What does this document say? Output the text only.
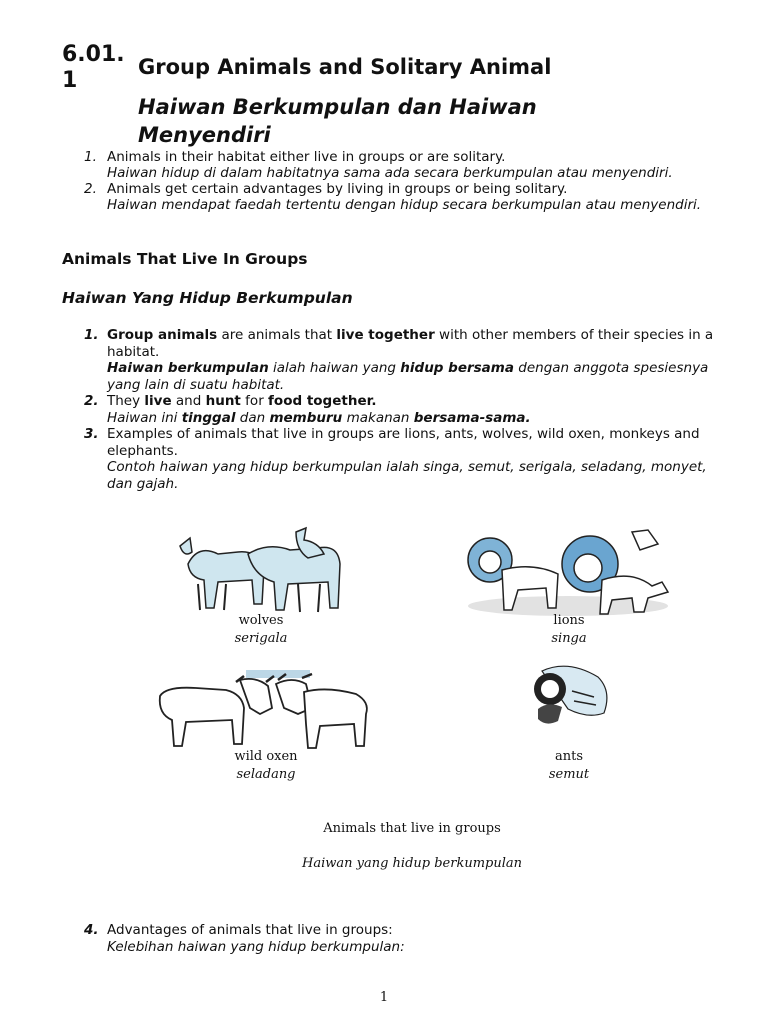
6.01.
1
Group Animals and Solitary Animal
Haiwan Berkumpulan dan Haiwan Menyendiri
1. Animals in their habitat either live in groups or are solitary.
Haiwan hidup di dalam habitatnya sama ada secara berkumpulan atau menyendiri.
2. Animals get certain advantages by living in groups or being solitary.
Haiwan mendapat faedah tertentu dengan hidup secara berkumpulan atau menyendiri.
Animals That Live In Groups
Haiwan Yang Hidup Berkumpulan
1. Group animals are animals that live together with other members of their species in a habitat.
Haiwan berkumpulan ialah haiwan yang hidup bersama dengan anggota spesiesnya yang lain di suatu habitat.
2. They live and hunt for food together.
Haiwan ini tinggal dan memburu makanan bersama-sama.
3. Examples of animals that live in groups are lions, ants, wolves, wild oxen, monkeys and elephants.
Contoh haiwan yang hidup berkumpulan ialah singa, semut, serigala, seladang, monyet, dan gajah.
wolves
serigala
lions
singa
wild oxen
seladang
ants
semut
Animals that live in groups
Haiwan yang hidup berkumpulan
4. Advantages of animals that live in groups:
Kelebihan haiwan yang hidup berkumpulan:
1
